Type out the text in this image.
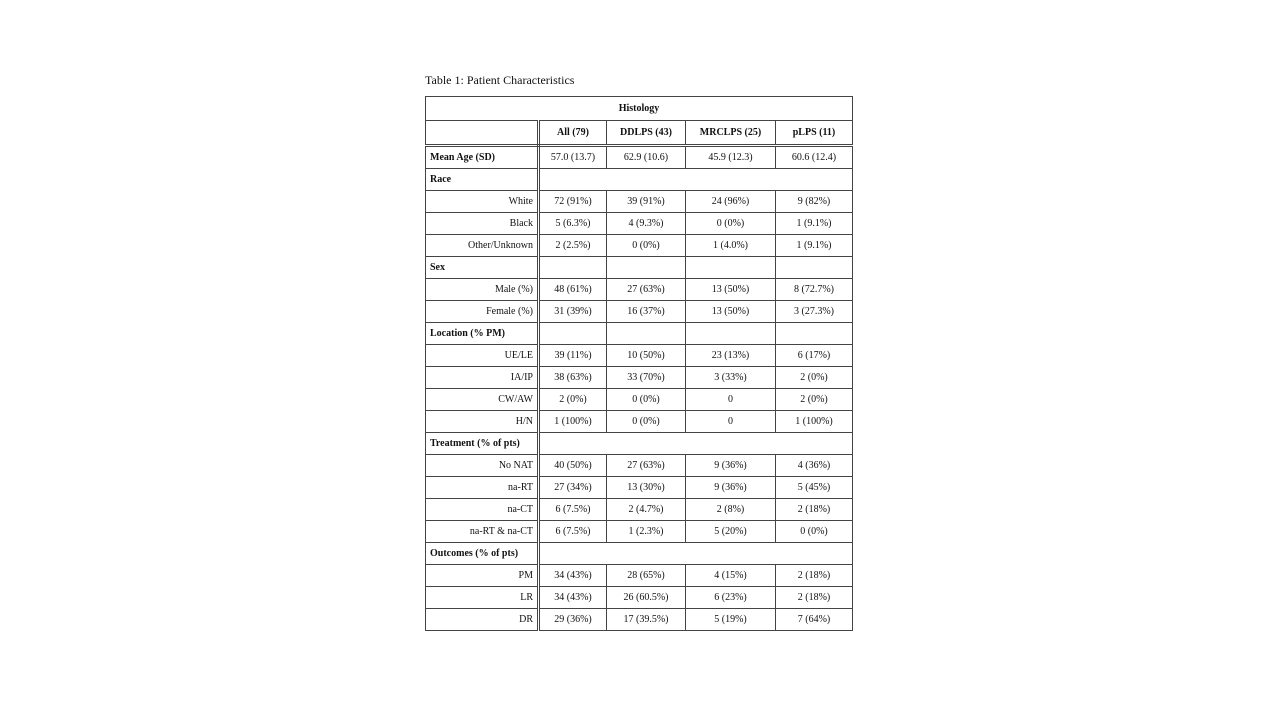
Table 1: Patient Characteristics
Histology				
	All (79)	DDLPS (43)	MRCLPS (25)	pLPS (11)
Mean Age (SD)	57.0 (13.7)	62.9 (10.6)	45.9 (12.3)	60.6 (12.4)
Race				
White	72 (91%)	39 (91%)	24 (96%)	9 (82%)
Black	5 (6.3%)	4 (9.3%)	0 (0%)	1 (9.1%)
Other/Unknown	2 (2.5%)	0 (0%)	1 (4.0%)	1 (9.1%)
Sex				
Male (%)	48 (61%)	27 (63%)	13 (50%)	8 (72.7%)
Female (%)	31 (39%)	16 (37%)	13 (50%)	3 (27.3%)
Location (% PM)				
UE/LE	39 (11%)	10 (50%)	23 (13%)	6 (17%)
IA/IP	38 (63%)	33 (70%)	3 (33%)	2 (0%)
CW/AW	2 (0%)	0 (0%)	0	2 (0%)
H/N	1 (100%)	0 (0%)	0	1 (100%)
Treatment (% of pts)				
No NAT	40 (50%)	27 (63%)	9 (36%)	4 (36%)
na-RT	27 (34%)	13 (30%)	9 (36%)	5 (45%)
na-CT	6 (7.5%)	2 (4.7%)	2 (8%)	2 (18%)
na-RT & na-CT	6 (7.5%)	1 (2.3%)	5 (20%)	0 (0%)
Outcomes (% of pts)				
PM	34 (43%)	28 (65%)	4 (15%)	2 (18%)
LR	34 (43%)	26 (60.5%)	6 (23%)	2 (18%)
DR	29 (36%)	17 (39.5%)	5 (19%)	7 (64%)
